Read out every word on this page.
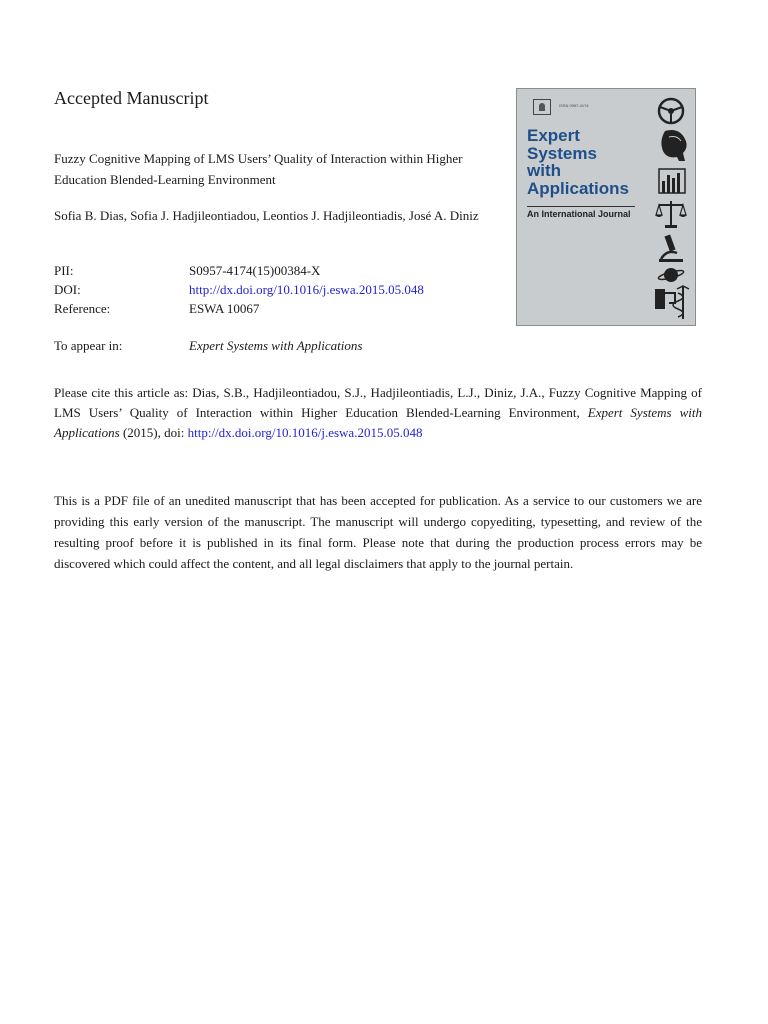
Accepted Manuscript
Fuzzy Cognitive Mapping of LMS Users’ Quality of Interaction within Higher Education Blended-Learning Environment
Sofia B. Dias, Sofia J. Hadjileontiadou, Leontios J. Hadjileontiadis, José A. Diniz
PII:	S0957-4174(15)00384-X
DOI:	http://dx.doi.org/10.1016/j.eswa.2015.05.048
Reference:	ESWA 10067
To appear in:	Expert Systems with Applications
Please cite this article as: Dias, S.B., Hadjileontiadou, S.J., Hadjileontiadis, L.J., Diniz, J.A., Fuzzy Cognitive Mapping of LMS Users’ Quality of Interaction within Higher Education Blended-Learning Environment, Expert Systems with Applications (2015), doi: http://dx.doi.org/10.1016/j.eswa.2015.05.048
This is a PDF file of an unedited manuscript that has been accepted for publication. As a service to our customers we are providing this early version of the manuscript. The manuscript will undergo copyediting, typesetting, and review of the resulting proof before it is published in its final form. Please note that during the production process errors may be discovered which could affect the content, and all legal disclaimers that apply to the journal pertain.
ISSN 0957-4174
Expert
Systems
with
Applications
An International Journal
